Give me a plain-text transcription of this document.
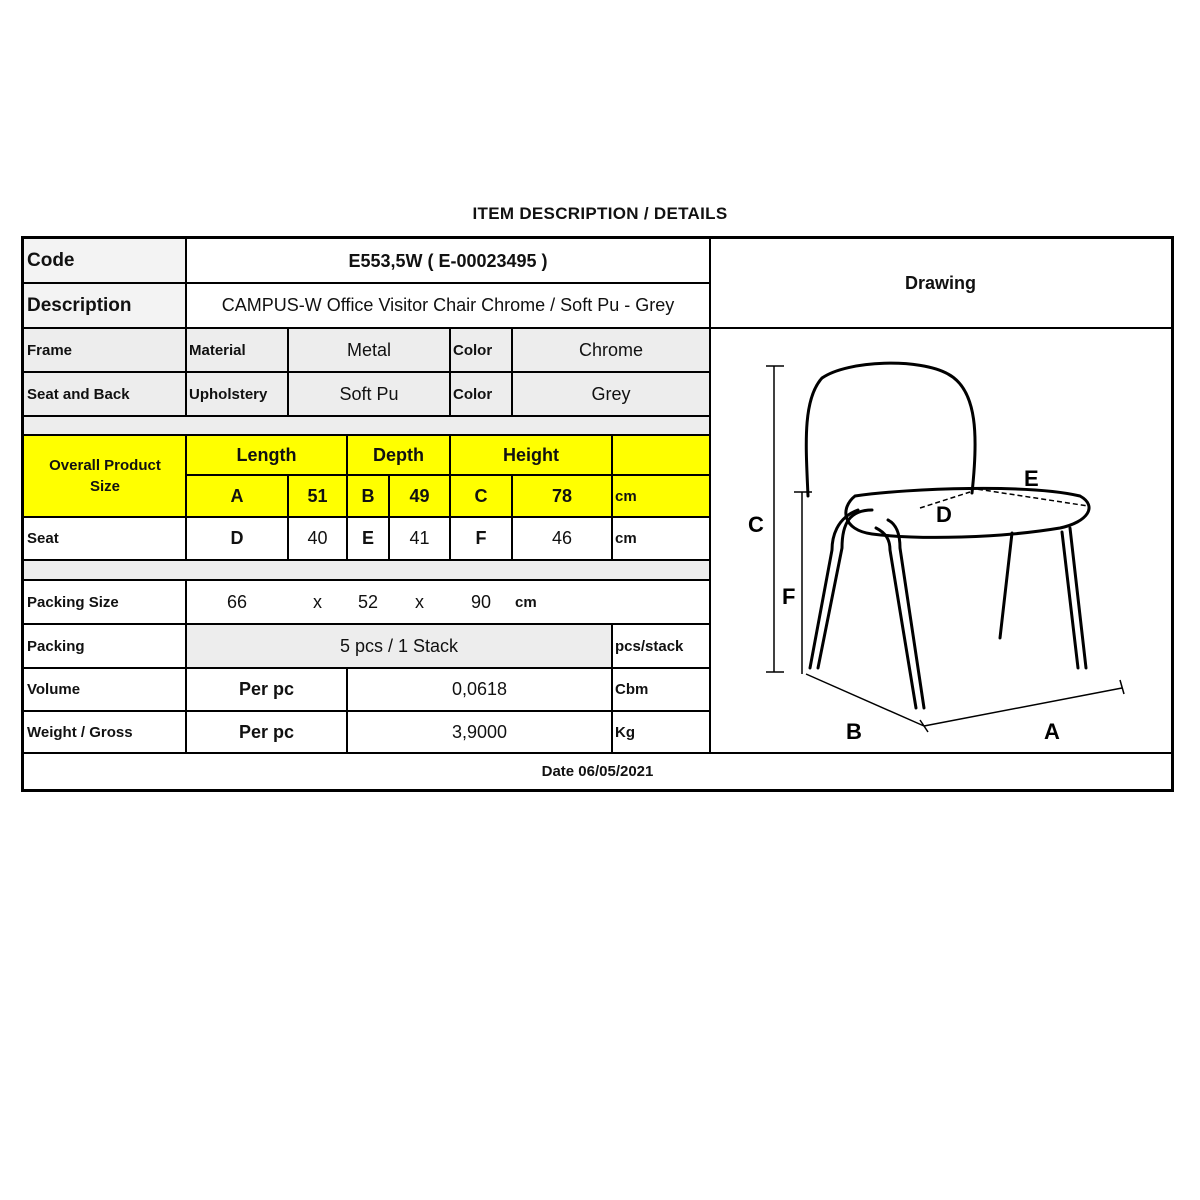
ITEM DESCRIPTION / DETAILS
Code	E553,5W ( E-00023495 )
Description	CAMPUS-W Office Visitor Chair Chrome / Soft Pu - Grey
Drawing
Frame	Material	Metal	Color	Chrome
Seat and Back	Upholstery	Soft Pu	Color	Grey
Overall Product Size
Length	Depth	Height
A	51	B	49	C	78	cm
Seat	D	40	E	41	F	46	cm
Packing Size	66	x	52	x	90	cm
Packing	5 pcs / 1 Stack	pcs/stack
Volume	Per pc	0,0618	Cbm
Weight / Gross	Per pc	3,9000	Kg
Date 06/05/2021
C
F
B	A
D
E
